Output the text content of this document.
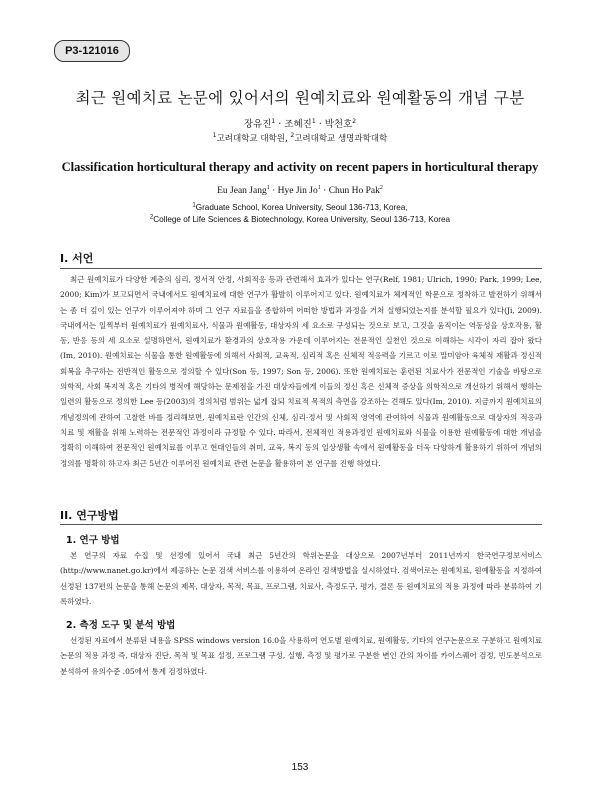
P3-121016
최근 원예치료 논문에 있어서의 원예치료와 원예활동의 개념 구분
장유진$^1$ · 조혜진$^1$ · 박천호$^2$
$^1$고려대학교 대학원, $^2$고려대학교 생명과학대학
Classification horticultural therapy and activity on recent papers in horticultural therapy
Eu Jean Jang$^1$ · Hye Jin $Jo^1$ · Chun Ho Pak$^2$
$^1$Graduate School, Korea University, Seoul 136-713, Korea,
$^2$College of Life Sciences & Biotechnology, Korea University, Seoul 136-713, Korea
I. 서언

최근 원예치료가 다양한 계층의 심리, 정서적 안정, 사회적응 등과 관련해서 효과가 있다는 연구(Relf, 1981; Ulrich, 1990; Park, 1999; Lee, 2000; Kim)가 보고되면서 국내에서도 원예치료에 대한 연구가 활발히 이루어지고 있다. 원예치료가 체계적인 학문으로 정착하고 발전하기 위해서는 좀 더 깊이 있는 연구가 이루어져야 하며 그 연구 자료들을 종합하여 어떠한 방법과 과정을 거쳐 실행되었는지를 분석할 필요가 있다(Ji, 2009). 국내에서는 일찍부터 원예치료가 원예치료사, 식물과 원예활동, 대상자의 세 요소로 구성되는 것으로 보고, 그것을 움직이는 역동성을 상호작용, 활동, 반응 등의 세 요소로 설명하면서, 원예치료가 환경과의 상호작용 가운데 이루어지는 전문적인 실천인 것으로 이해하는 시각이 자리 잡아 왔다(Im, 2010). 원예치료는 식물을 통한 원예활동에 의해서 사회적, 교육적, 심리적 혹은 신체적 적응력을 기르고 이로 말미암아 육체적 재활과 정신적 회복을 추구하는 전반적인 활동으로 정의할 수 있다(Son 등, 1997; Son 등, 2006). 또한 원예치료는 훈련된 치료사가 전문적인 기술을 바탕으로 의학적, 사회 복지적 혹은 기타의 병적에 해당하는 문제점을 가진 대상자들에게 이들의 정신 혹은 신체적 증상을 의학적으로 개선하기 위해서 행하는 일련의 활동으로 정의한 Lee 등(2003)의 정의처럼 범위는 넓게 잡되 치료적 목적의 측면을 강조하는 견해도 있다(Im, 2010). 지금까지 원예치료의 개념정의에 관하여 고찰한 바를 정리해보면, 원예치료란 인간의 신체, 심리·정서 및 사회적 영역에 관여하여 식물과 원예활동으로 대상자의 적응과 치료 및 재활을 위해 노력하는 전문적인 과정이라 규정할 수 있다. 따라서, 전체적인 적용과정인 원예치료와 식물을 이용한 원예활동에 대한 개념을 정확히 이해하여 전문적인 원예치료를 이루고 현대인들의 취미, 교육, 복지 등의 일상생활 속에서 원예활동을 더욱 다양하게 활용하기 위하여 개념의 정의를 명확히 하고자 최근 5년간 이루어진 원예치료 관련 논문을 활용하여 본 연구를 진행 하였다.

II. 연구방법
1. 연구 방법

본 연구의 자료 수집 및 선정에 있어서 국내 최근 5년간의 학위논문을 대상으로 2007년부터 2011년까지 한국연구정보서비스(http://www.nanet.go.kr)에서 제공하는 논문 검색 서비스를 이용하여 온라인 검색방법을 실시하였다. 검색어로는 원예치료, 원예활동을 지정하여 선정된 137편의 논문을 통해 논문의 제목, 대상자, 목적, 목표, 프로그램, 치료사, 측정도구, 평가, 결론 등 원예치료의 적용 과정에 따라 분류하여 기록하였다.

2. 측정 도구 및 분석 방법

선정된 자료에서 분류된 내용을 SPSS windows version 16.0을 사용하여 연도별 원예치료, 원예활동, 기타의 연구논문으로 구분하고 원예치료 논문의 적용 과정 즉, 대상자 진단, 목적 및 목표 설정, 프로그램 구성, 실행, 측정 및 평가로 구분한 변인 간의 차이를 카이스퀘어 검정, 빈도분석으로 분석하여 유의수준 .05에서 통계 검정하였다.

153
